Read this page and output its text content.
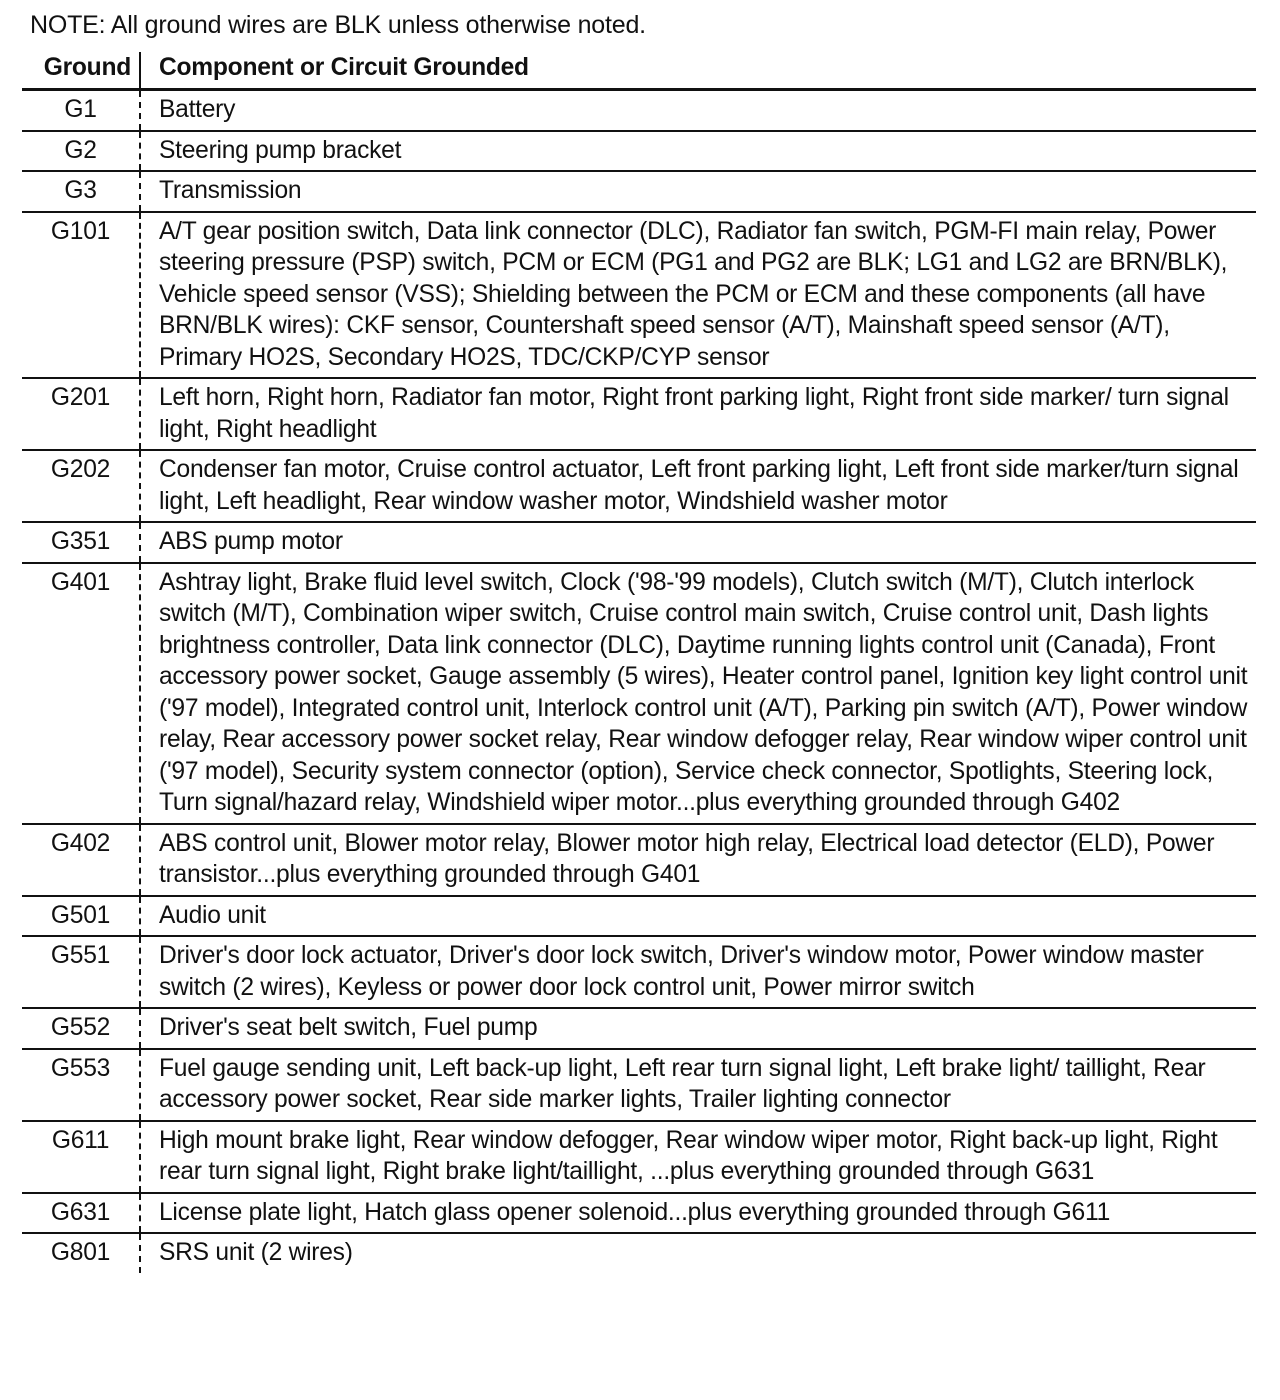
NOTE: All ground wires are BLK unless otherwise noted.
Ground	Component or Circuit Grounded
G1	Battery
G2	Steering pump bracket
G3	Transmission
G101	A/T gear position switch, Data link connector (DLC), Radiator fan switch, PGM-FI main relay, Power steering pressure (PSP) switch, PCM or ECM (PG1 and PG2 are BLK; LG1 and LG2 are BRN/BLK), Vehicle speed sensor (VSS); Shielding between the PCM or ECM and these components (all have BRN/BLK wires): CKF sensor, Countershaft speed sensor (A/T), Mainshaft speed sensor (A/T), Primary HO2S, Secondary HO2S, TDC/CKP/CYP sensor
G201	Left horn, Right horn, Radiator fan motor, Right front parking light, Right front side marker/ turn signal light, Right headlight
G202	Condenser fan motor, Cruise control actuator, Left front parking light, Left front side marker/turn signal light, Left headlight, Rear window washer motor, Windshield washer motor
G351	ABS pump motor
G401	Ashtray light, Brake fluid level switch, Clock ('98-'99 models), Clutch switch (M/T), Clutch interlock switch (M/T), Combination wiper switch, Cruise control main switch, Cruise control unit, Dash lights brightness controller, Data link connector (DLC), Daytime running lights control unit (Canada), Front accessory power socket, Gauge assembly (5 wires), Heater control panel, Ignition key light control unit ('97 model), Integrated control unit, Interlock control unit (A/T), Parking pin switch (A/T), Power window relay, Rear accessory power socket relay, Rear window defogger relay, Rear window wiper control unit ('97 model), Security system connector (option), Service check connector, Spotlights, Steering lock, Turn signal/hazard relay, Windshield wiper motor...plus everything grounded through G402
G402	ABS control unit, Blower motor relay, Blower motor high relay, Electrical load detector (ELD), Power transistor...plus everything grounded through G401
G501	Audio unit
G551	Driver's door lock actuator, Driver's door lock switch, Driver's window motor, Power window master switch (2 wires), Keyless or power door lock control unit, Power mirror switch
G552	Driver's seat belt switch, Fuel pump
G553	Fuel gauge sending unit, Left back-up light, Left rear turn signal light, Left brake light/ taillight, Rear accessory power socket, Rear side marker lights, Trailer lighting connector
G611	High mount brake light, Rear window defogger, Rear window wiper motor, Right back-up light, Right rear turn signal light, Right brake light/taillight, ...plus everything grounded through G631
G631	License plate light, Hatch glass opener solenoid...plus everything grounded through G611
G801	SRS unit (2 wires)
